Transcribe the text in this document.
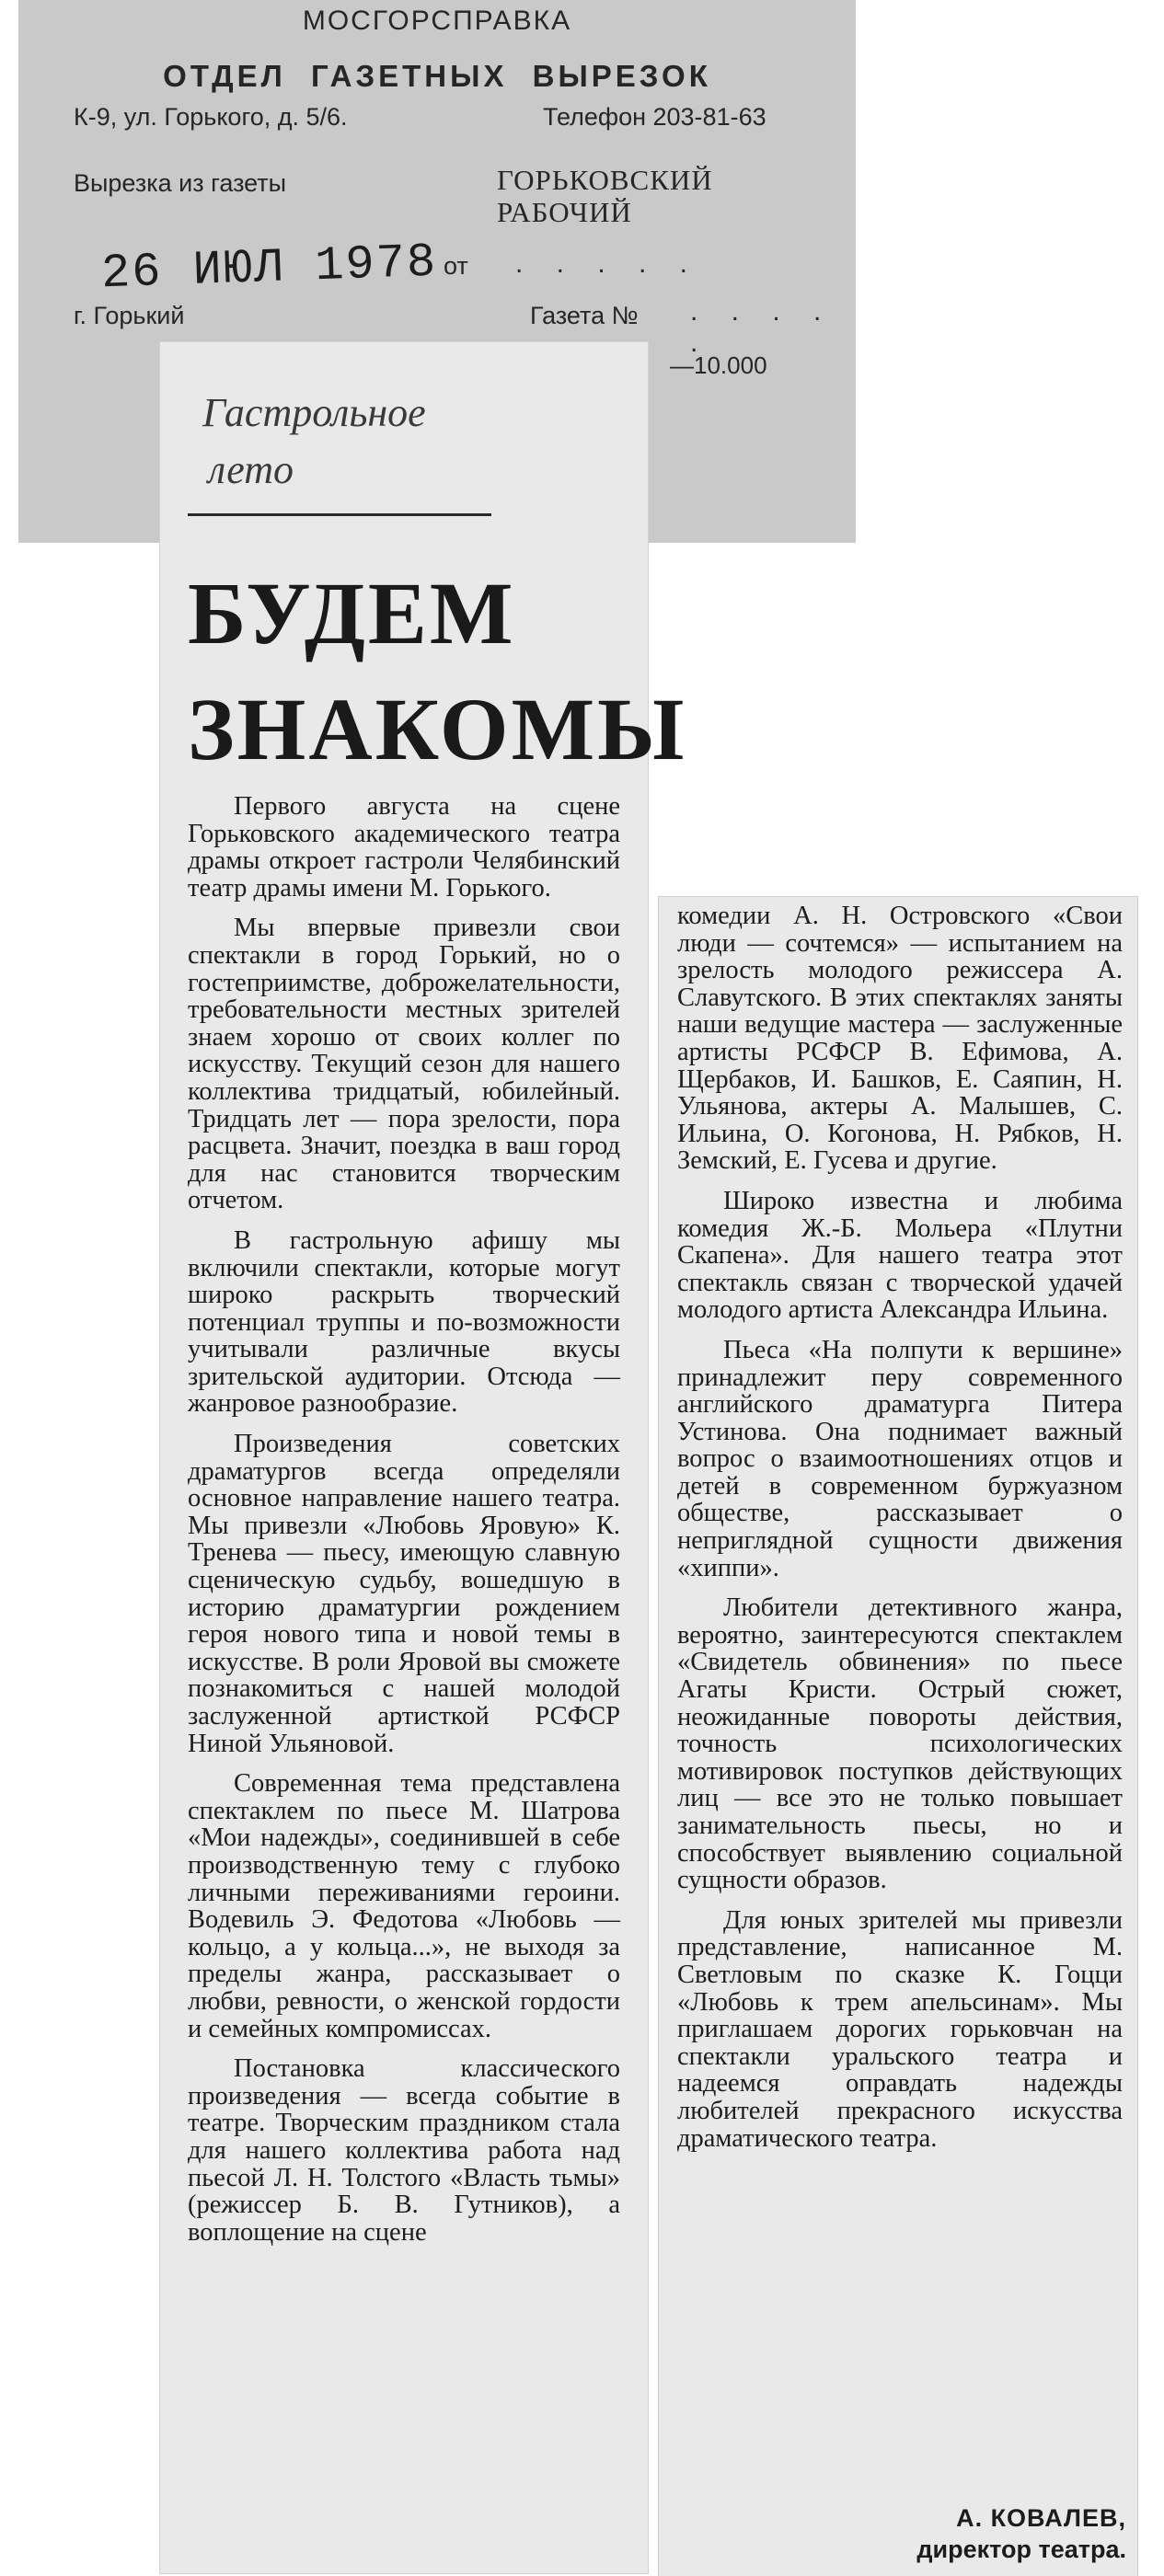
МОСГОРСПРАВКА
ОТДЕЛ ГАЗЕТНЫХ ВЫРЕЗОК
К-9, ул. Горького, д. 5/6.	Телефон 203-81-63
Вырезка из газеты	ГОРЬКОВСКИЙ
РАБОЧИЙ
26 ИЮЛ 1978 от . . . . .
г. Горький	Газета № . . . . .
—10.000
Гастрольное
лето
БУДЕМ
ЗНАКОМЫ

Первого августа на сцене Горьковского академического театра драмы откроет гастроли Челябинский театр драмы имени М. Горького.

Мы впервые привезли свои спектакли в город Горький, но о гостеприимстве, доброжелательности, требовательности местных зрителей знаем хорошо от своих коллег по искусству. Текущий сезон для нашего коллектива тридцатый, юбилейный. Тридцать лет — пора зрелости, пора расцвета. Значит, поездка в ваш город для нас становится творческим отчетом.

В гастрольную афишу мы включили спектакли, которые могут широко раскрыть творческий потенциал труппы и по-возможности учитывали различные вкусы зрительской аудитории. Отсюда — жанровое разнообразие.

Произведения советских драматургов всегда определяли основное направление нашего театра. Мы привезли «Любовь Яровую» К. Тренева — пьесу, имеющую славную сценическую судьбу, вошедшую в историю драматургии рождением героя нового типа и новой темы в искусстве. В роли Яровой вы сможете познакомиться с нашей молодой заслуженной артисткой РСФСР Ниной Ульяновой.

Современная тема представлена спектаклем по пьесе М. Шатрова «Мои надежды», соединившей в себе производственную тему с глубоко личными переживаниями героини. Водевиль Э. Федотова «Любовь — кольцо, а у кольца...», не выходя за пределы жанра, рассказывает о любви, ревности, о женской гордости и семейных компромиссах.

Постановка классического произведения — всегда событие в театре. Творческим праздником стала для нашего коллектива работа над пьесой Л. Н. Толстого «Власть тьмы» (режиссер Б. В. Гутников), а воплощение на сцене

комедии А. Н. Островского «Свои люди — сочтемся» — испытанием на зрелость молодого режиссера А. Славутского. В этих спектаклях заняты наши ведущие мастера — заслуженные артисты РСФСР В. Ефимова, А. Щербаков, И. Башков, Е. Саяпин, Н. Ульянова, актеры А. Малышев, С. Ильина, О. Когонова, Н. Рябков, Н. Земский, Е. Гусева и другие.

Широко известна и любима комедия Ж.-Б. Мольера «Плутни Скапена». Для нашего театра этот спектакль связан с творческой удачей молодого артиста Александра Ильина.

Пьеса «На полпути к вершине» принадлежит перу современного английского драматурга Питера Устинова. Она поднимает важный вопрос о взаимоотношениях отцов и детей в современном буржуазном обществе, рассказывает о неприглядной сущности движения «хиппи».

Любители детективного жанра, вероятно, заинтересуются спектаклем «Свидетель обвинения» по пьесе Агаты Кристи. Острый сюжет, неожиданные повороты действия, точность психологических мотивировок поступков действующих лиц — все это не только повышает занимательность пьесы, но и способствует выявлению социальной сущности образов.

Для юных зрителей мы привезли представление, написанное М. Светловым по сказке К. Гоцци «Любовь к трем апельсинам». Мы приглашаем дорогих горьковчан на спектакли уральского театра и надеемся оправдать надежды любителей прекрасного искусства драматического театра.

А. КОВАЛЕВ,
директор театра.
